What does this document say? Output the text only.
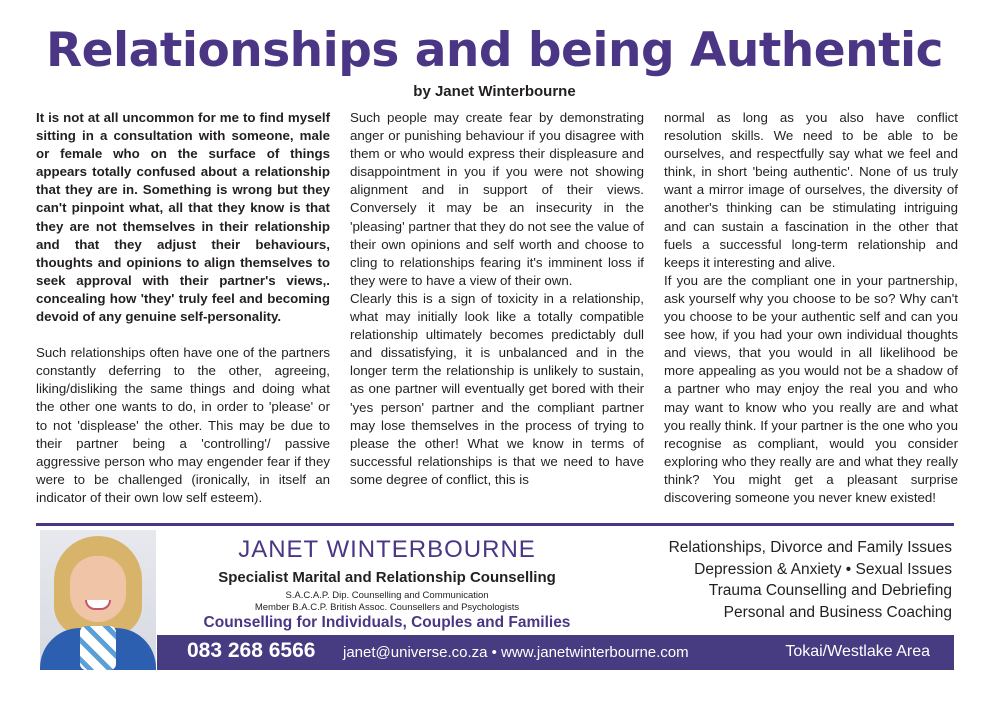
Relationships and being Authentic
by Janet Winterbourne

It is not at all uncommon for me to find myself sitting in a consultation with someone, male or female who on the surface of things appears totally confused about a relationship that they are in. Something is wrong but they can't pinpoint what, all that they know is that they are not themselves in their relationship and that they adjust their behaviours, thoughts and opinions to align themselves to seek approval with their partner's views,. concealing how 'they' truly feel and becoming devoid of any genuine self-personality.

Such relationships often have one of the partners constantly deferring to the other, agreeing, liking/disliking the same things and doing what the other one wants to do, in order to 'please' or to not 'displease' the other. This may be due to their partner being a 'controlling'/ passive aggressive person who may engender fear if they were to be challenged (ironically, in itself an indicator of their own low self esteem).

Such people may create fear by demonstrating anger or punishing behaviour if you disagree with them or who would express their displeasure and disappointment in you if you were not showing alignment and in support of their views. Conversely it may be an insecurity in the 'pleasing' partner that they do not see the value of their own opinions and self worth and choose to cling to relationships fearing it's imminent loss if they were to have a view of their own.

Clearly this is a sign of toxicity in a relationship, what may initially look like a totally compatible relationship ultimately becomes predictably dull and dissatisfying, it is unbalanced and in the longer term the relationship is unlikely to sustain, as one partner will eventually get bored with their 'yes person' partner and the compliant partner may lose themselves in the process of trying to please the other! What we know in terms of successful relationships is that we need to have some degree of conflict, this is

normal as long as you also have conflict resolution skills. We need to be able to be ourselves, and respectfully say what we feel and think, in short 'being authentic'. None of us truly want a mirror image of ourselves, the diversity of another's thinking can be stimulating intriguing and can sustain a fascination in the other that fuels a successful long-term relationship and keeps it interesting and alive.

If you are the compliant one in your partnership, ask yourself why you choose to be so? Why can't you choose to be your authentic self and can you see how, if you had your own individual thoughts and views, that you would in all likelihood be more appealing as you would not be a shadow of a partner who may enjoy the real you and who may want to know who you really are and what you really think. If your partner is the one who you recognise as compliant, would you consider exploring who they really are and what they really think? You might get a pleasant surprise discovering someone you never knew existed!

JANET WINTERBOURNE
Specialist Marital and Relationship Counselling
S.A.C.A.P. Dip. Counselling and Communication
Member B.A.C.P. British Assoc. Counsellers and Psychologists
Counselling for Individuals, Couples and Families
Relationships, Divorce and Family Issues
Depression & Anxiety • Sexual Issues
Trauma Counselling and Debriefing
Personal and Business Coaching
083 268 6566 janet@universe.co.za • www.janetwinterbourne.com	Tokai/Westlake Area
